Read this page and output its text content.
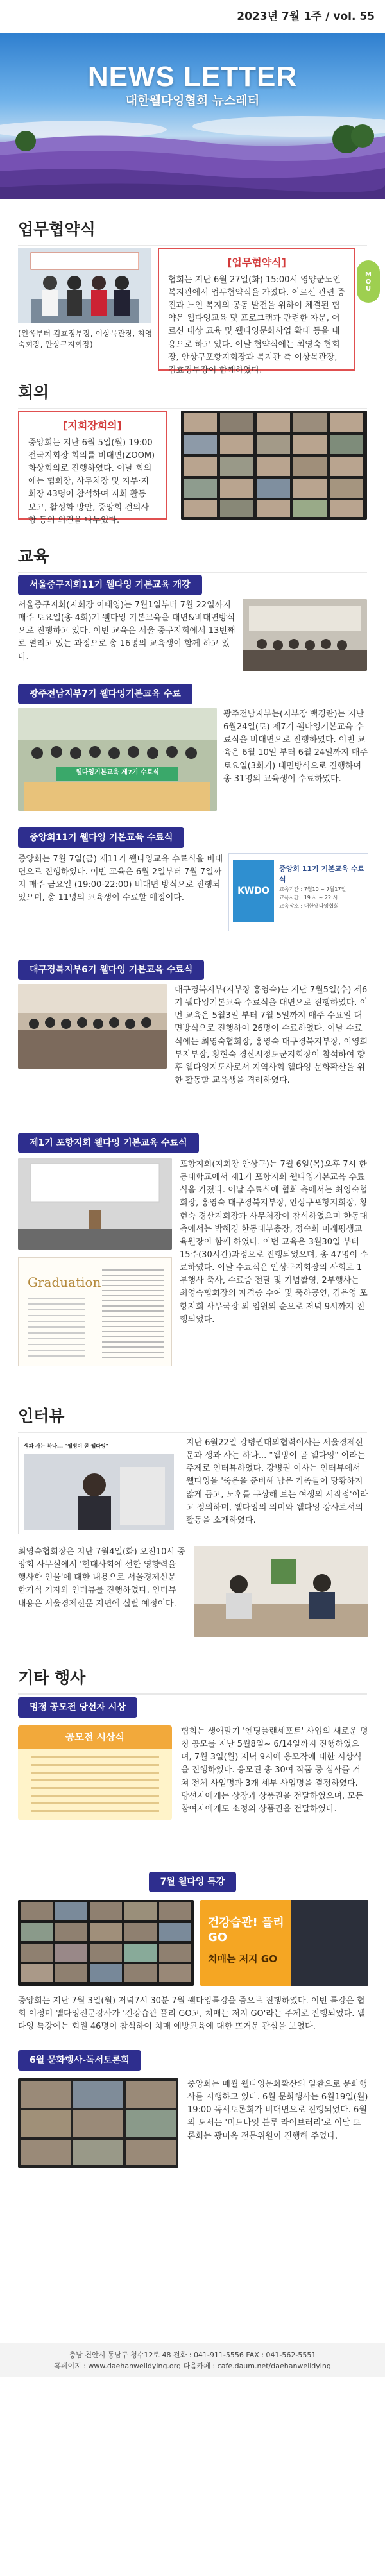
2023년 7월 1주 / vol. 55
NEWS LETTER
대한웰다잉협회 뉴스레터
업무협약식
(왼쪽부터 김효정부장, 이상목관장, 최영숙회장, 안상구지회장)
[업무협약식]
협회는 지난 6월 27일(화) 15:00시 영양군노인복지관에서 업무협약식을 가졌다. 어르신 관련 증진과 노인 복지의 공동 발전을 위하여 체결된 협약은 웰다잉교육 및 프로그램과 관련한 자문, 어르신 대상 교육 및 웰다잉문화사업 확대 등을 내용으로 하고 있다. 이날 협약식에는 최영숙 협회장, 안상구포항지회장과 복지관 측 이상목관장, 김효정부장이 함께하였다.
M
O
U
회의
[지회장회의]
중앙회는 지난 6월 5일(월) 19:00 전국지회장 회의를 비대면(ZOOM) 화상회의로 진행하였다. 이날 회의에는 협회장, 사무처장 및 지부·지회장 43명이 참석하여 지회 활동 보고, 활성화 방안, 중앙회 건의사항 등의 의견을 나누었다.
교육
서울중구지회11기 웰다잉 기본교육 개강

서울중구지회(지회장 이태영)는 7월1일부터 7월 22일까지 매주 토요일(총 4회)기 웰다잉 기본교육을 대면&비대면방식으로 진행하고 있다. 이번 교육은 서울 중구지회에서 13번째로 열리고 있는 과정으로 총 16명의 교육생이 함께 하고 있다.

광주전남지부7기 웰다잉기본교육 수료
웰다잉기본교육 제7기 수료식

광주전남지부는(지부장 백경란)는 지난 6월24일(토) 제7기 웰다잉기본교육 수료식을 비대면으로 진행하였다. 이번 교육은 6월 10일 부터 6월 24일까지 매주 토요일(3회기) 대면방식으로 진행하여 총 31명의 교육생이 수료하였다.

중앙회11기 웰다잉 기본교육 수료식

중앙회는 7월 7일(금) 제11기 웰다잉교육 수료식을 비대면으로 진행하였다. 이번 교육은 6월 2일부터 7월 7일까지 매주 금요일 (19:00-22:00) 비대면 방식으로 진행되었으며, 총 11명의 교육생이 수료할 예정이다.

KWDO
중앙회 11기 기본교육 수료식
교육기간 : 7월10 ~ 7월17일
교육시간 : 19 시 ~ 22 시
교육장소 : 대한웰다잉협회
대구경북지부6기 웰다잉 기본교육 수료식

대구경북지부(지부장 홍영숙)는 지난 7월5일(수) 제6기 웰다잉기본교육 수료식을 대면으로 진행하였다. 이번 교육은 5월3일 부터 7월 5일까지 매주 수요일 대면방식으로 진행하여 26명이 수료하였다. 이날 수료식에는 최영숙협회장, 홍영숙 대구경북지부장, 이영희 부지부장, 황현숙 경산시정도군지회장이 참석하여 향후 웰다잉지도사로서 지역사회 웰다잉 문화확산을 위한 활동할 교육생을 격려하였다.

제1기 포항지회 웰다잉 기본교육 수료식
Graduation

포항지회(지회장 안상구)는 7월 6일(목)오후 7시 한동대학교에서 제1기 포항지회 웰다잉기본교육 수료식을 가졌다. 이날 수료식에 협회 측에서는 최영숙협회장, 홍영숙 대구경북지부장, 안상구포항지회장, 황현숙 경산지회장과 사무처장이 참석하였으며 한동대 측에서는 박혜경 한동대부총장, 정숙희 미래평생교육원장이 함께 하였다. 이번 교육은 3월30일 부터 15주(30시간)과정으로 진행되었으며, 총 47명이 수료하였다. 이날 수료식은 안상구지회장의 사회로 1부행사 축사, 수료증 전달 및 기념촬영, 2부행사는 최영숙협회장의 자격증 수여 및 축하공연, 김은영 포항지회 사무국장 외 임원의 순으로 저녁 9시까지 진행되었다.

인터뷰
생과 사는 하나... "웰빙이 곧 웰다잉"	지난 6월22일 강병권대외협력이사는 서울경제신문과 생과 사는 하나... "웰빙이 곧 웰다잉" 이라는 주제로 인터뷰하였다. 강병권 이사는 인터뷰에서 웰다잉을 '죽음을 준비해 남은 가족들이 당황하지 않게 돕고, 노후를 구상해 보는 여생의 시작점'이라고 정의하며, 웰다잉의 의미와 웰다잉 강사로서의 활동을 소개하였다.

최영숙협회장은 지난 7월4일(화) 오전10시 중앙회 사무실에서 '현대사회에 선한 영향력을 행사한 인물'에 대한 내용으로 서울경제신문 한기석 기자와 인터뷰를 진행하였다. 인터뷰 내용은 서울경제신문 지면에 실릴 예정이다.

기타 행사
명정 공모전 당선자 시상
공모전 시상식	협회는 생애말기 '엔딩플랜세포트' 사업의 새로운 명칭 공모를 지난 5월8일~ 6/14일까지 진행하였으며, 7월 3일(월) 저녁 9시에 응모작에 대한 시상식을 진행하였다. 응모된 총 30여 작품 중 심사를 거쳐 전체 사업명과 3개 세부 사업명을 결정하였다. 당선자에게는 상장과 상품권을 전달하였으며, 모든 참여자에게도 소정의 상품권을 전달하였다.

7월 웰다잉 특강
건강습관! 플리 GO
치매는 저지 GO

중앙회는 지난 7월 3일(월) 저녁7시 30분 7월 웰다잉특강을 줌으로 진행하였다. 이번 특강은 협회 이정미 웰다잉전문강사가 '건강습관 플리 GO고, 치매는 저지 GO'라는 주제로 진행되었다. 웰다잉 특강에는 회원 46명이 참석하여 치매 예방교육에 대한 뜨거운 관심을 보였다.

6월 문화행사-독서토론회

중앙회는 매월 웰다잉문화확산의 일환으로 문화행사를 시행하고 있다. 6월 문화행사는 6월19일(월) 19:00 독서토론회가 비대면으로 진행되었다. 6월의 도서는 '미드나잇 블루 라이브러리'로 이달 토론회는 광미옥 전문위원이 진행해 주었다.

충남 천안시 동남구 청수12로 48 전화 : 041-911-5556 FAX : 041-562-5551
홈페이지 : www.daehanwelldying.org 다음카페 : cafe.daum.net/daehanwelldying
